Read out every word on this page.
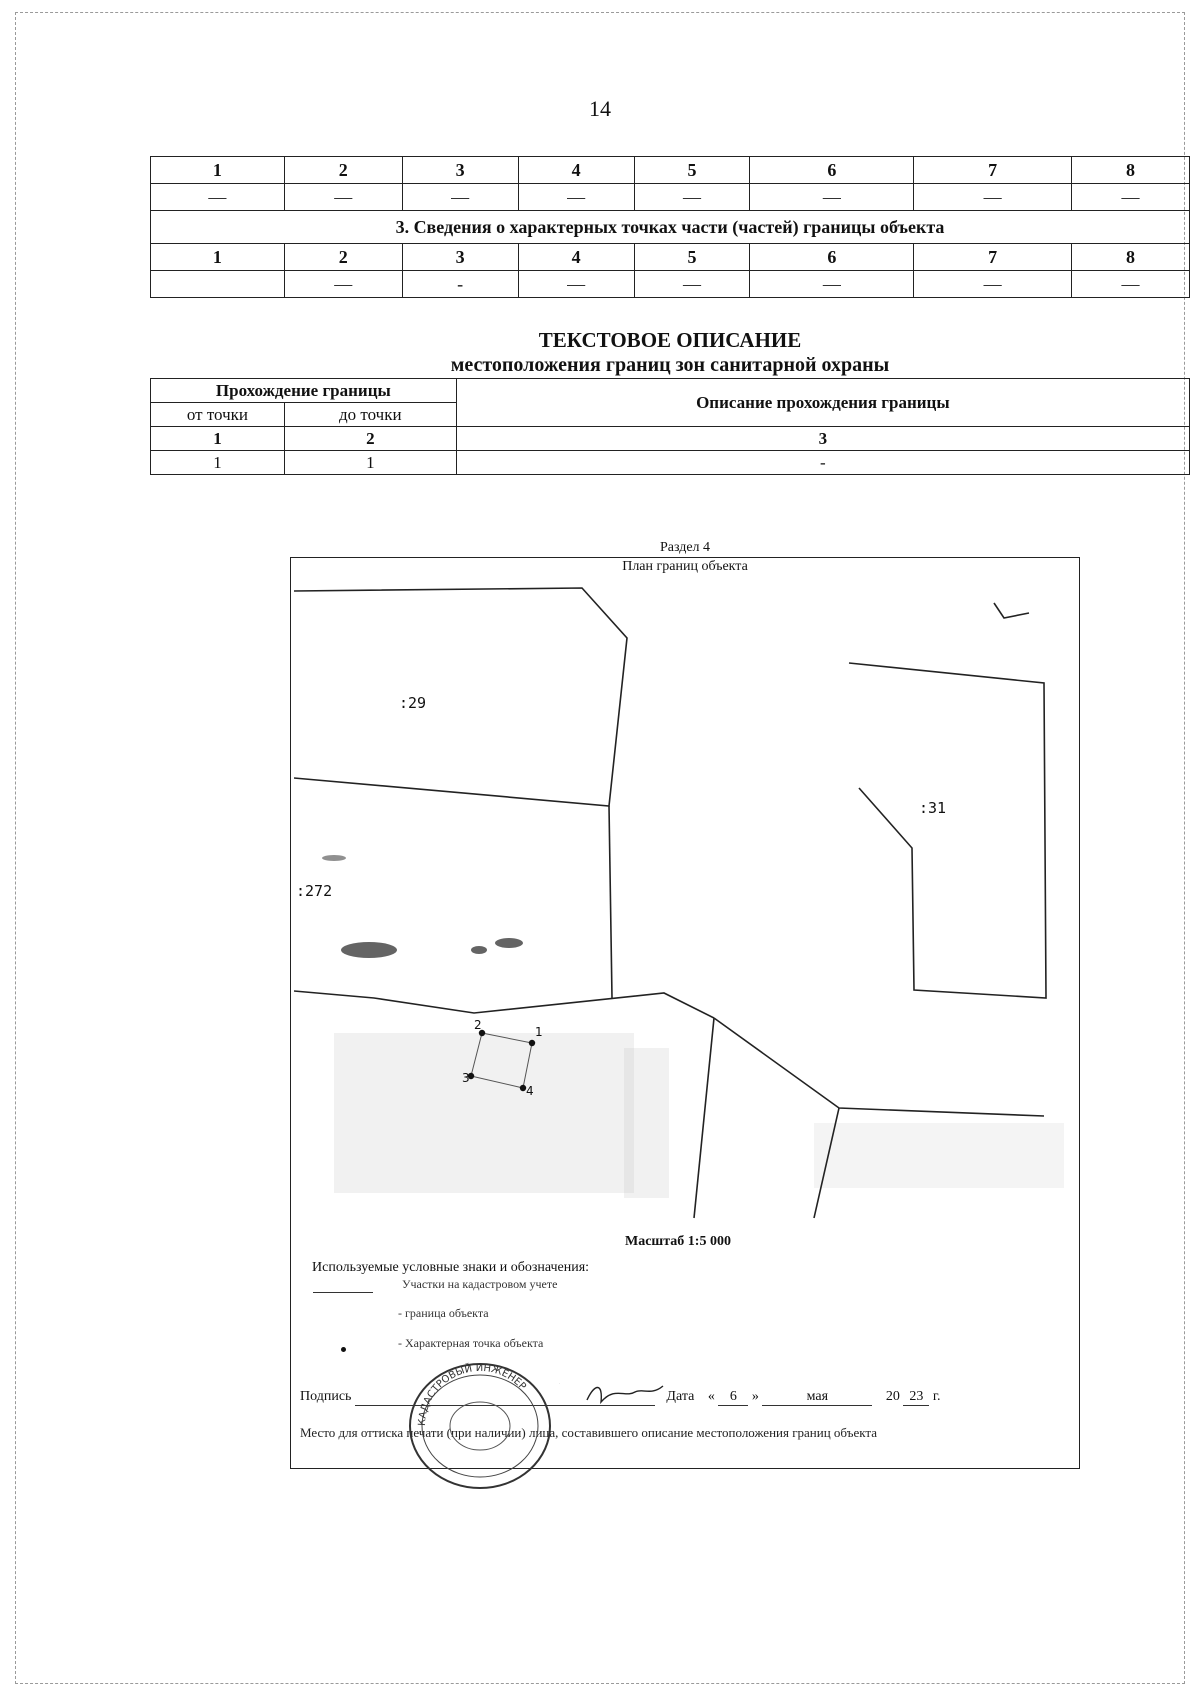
14
1	2	3	4	5	6	7	8
—	—	—	—	—	—	—	—
3. Сведения о характерных точках части (частей) границы объекта							
1	2	3	4	5	6	7	8
	—	-	—	—	—	—	—
ТЕКСТОВОЕ ОПИСАНИЕ
местоположения границ зон санитарной охраны
Прохождение границы		Описание прохождения границы
от точки	до точки	
1	2	3
1	1	-
Раздел 4
План границ объекта
:29
:31
:272
1
2
3
4
Масштаб 1:5 000
Используемые условные знаки и обозначения:
Участки на кадастровом учете
- граница объекта
- Характерная точка объекта
Подпись	Дата « 6 »	мая	20 23 г.
Место для оттиска печати (при наличии) лица, составившего описание местоположения границ объекта
КАДАСТРОВЫЙ ИНЖЕНЕР
